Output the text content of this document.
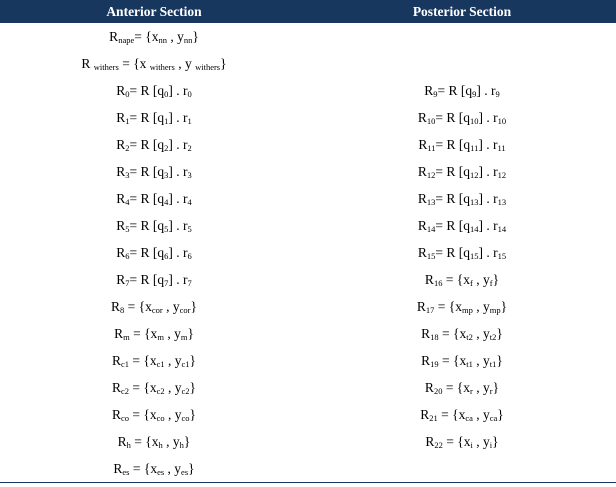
Anterior Section	Posterior Section
$R_{nape}= \{x_{nn}$ , $y_{nn}$}	
R $_{withers}$ = {x $_{withers}$ , y $_{withers}$}	
$R_0= R$ $[q_0]$ . $r_0$	$R_9= R$ $[q_9]$ . $r_9$
$R_1= R$ $[q_1]$ . $r_1$	$R_{10}= R$ $[q_{10}]$ . $r_{10}$
$R_2= R$ $[q_2]$ . $r_2$	$R_{11}= R$ $[q_{11}]$ . $r_{11}$
$R_3= R$ $[q_3]$ . $r_3$	$R_{12}= R$ $[q_{12}]$ . $r_{12}$
$R_4= R$ $[q_4]$ . $r_4$	$R_{13}= R$ $[q_{13}]$ . $r_{13}$
$R_5= R$ $[q_5]$ . $r_5$	$R_{14}= R$ $[q_{14}]$ . $r_{14}$
$R_6= R$ $[q_6]$ . $r_6$	$R_{15}= R$ $[q_{15}]$ . $r_{15}$
$R_7= R$ $[q_7]$ . $r_7$	$R_{16} = \{x_f$ , $y_f$}
$R_8 = \{x_{cor}$ , $y_{cor}$}	$R_{17} = \{x_{mp}$ , $y_{mp}$}
$R_m = \{x_m$ , $y_m$}	$R_{18} = \{x_{t2}$ , $y_{t2}$}
$R_{c1} = \{x_{c1}$ , $y_{c1}$}	$R_{19} = \{x_{t1}$ , $y_{t1}$}
$R_{c2} = \{x_{c2}$ , $y_{c2}$}	$R_{20} = \{x_r$ , $y_r$}
$R_{co} = \{x_{co}$ , $y_{co}$}	$R_{21} = \{x_{ca}$ , $y_{ca}$}
$R_h = \{x_h$ , $y_h$}	$R_{22} = \{x_i$ , $y_i$}
$R_{es} = \{x_{es}$ , $y_{es}$}	
